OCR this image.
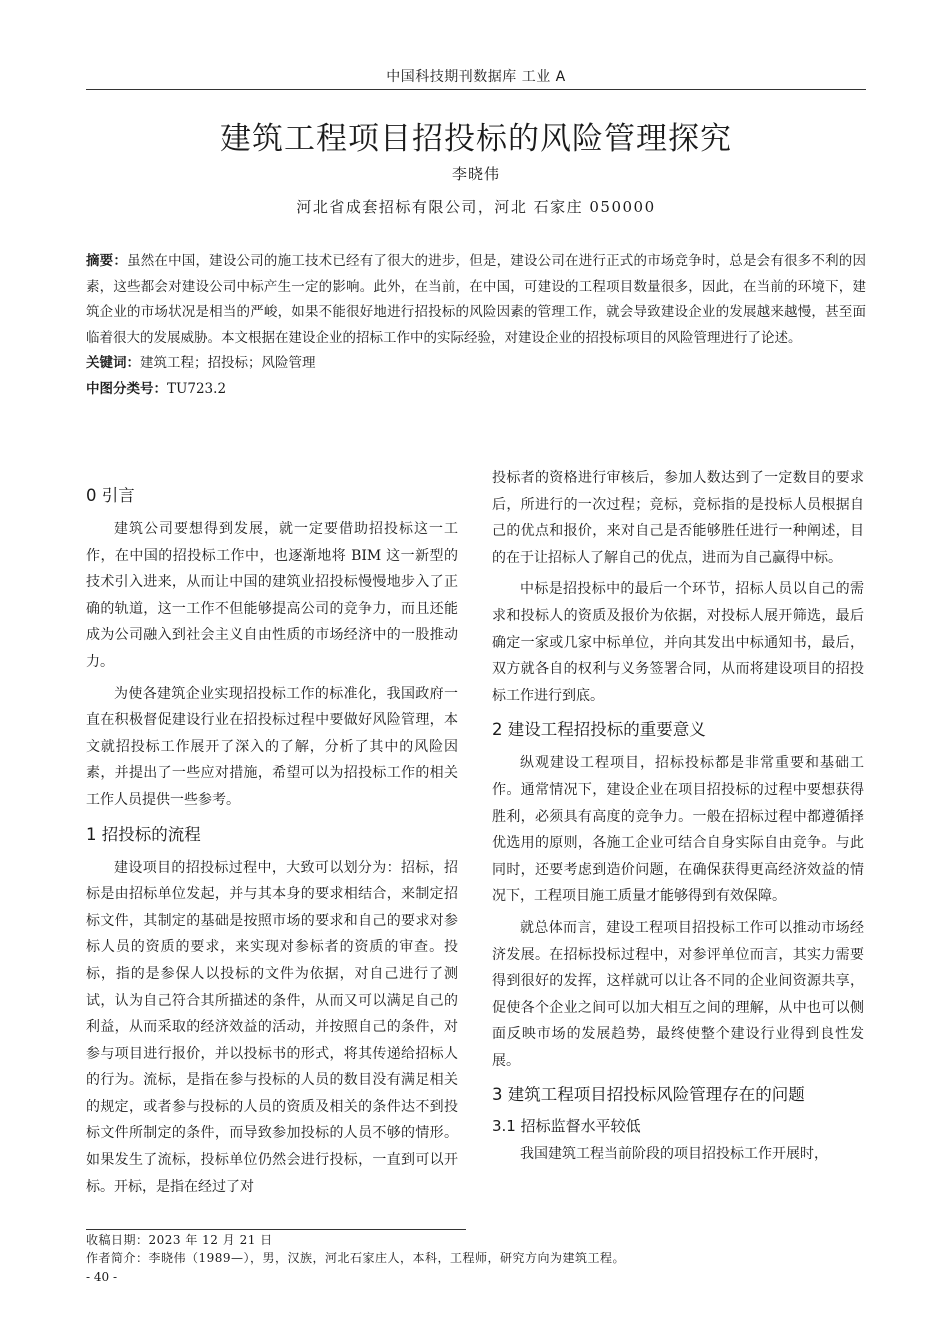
中国科技期刊数据库 工业 A
建筑工程项目招投标的风险管理探究
李晓伟
河北省成套招标有限公司，河北 石家庄 050000

摘要：虽然在中国，建设公司的施工技术已经有了很大的进步，但是，建设公司在进行正式的市场竞争时，总是会有很多不利的因素，这些都会对建设公司中标产生一定的影响。此外，在当前，在中国，可建设的工程项目数量很多，因此，在当前的环境下，建筑企业的市场状况是相当的严峻，如果不能很好地进行招投标的风险因素的管理工作，就会导致建设企业的发展越来越慢，甚至面临着很大的发展威胁。本文根据在建设企业的招标工作中的实际经验，对建设企业的招投标项目的风险管理进行了论述。

关键词：建筑工程；招投标；风险管理

中图分类号：TU723.2

0 引言

建筑公司要想得到发展，就一定要借助招投标这一工作，在中国的招投标工作中，也逐渐地将 BIM 这一新型的技术引入进来，从而让中国的建筑业招投标慢慢地步入了正确的轨道，这一工作不但能够提高公司的竞争力，而且还能成为公司融入到社会主义自由性质的市场经济中的一股推动力。

为使各建筑企业实现招投标工作的标准化，我国政府一直在积极督促建设行业在招投标过程中要做好风险管理，本文就招投标工作展开了深入的了解，分析了其中的风险因素，并提出了一些应对措施，希望可以为招投标工作的相关工作人员提供一些参考。

1 招投标的流程

建设项目的招投标过程中，大致可以划分为：招标，招标是由招标单位发起，并与其本身的要求相结合，来制定招标文件，其制定的基础是按照市场的要求和自己的要求对参标人员的资质的要求，来实现对参标者的资质的审查。投标，指的是参保人以投标的文件为依据，对自己进行了测试，认为自己符合其所描述的条件，从而又可以满足自己的利益，从而采取的经济效益的活动，并按照自己的条件，对参与项目进行报价，并以投标书的形式，将其传递给招标人的行为。流标，是指在参与投标的人员的数目没有满足相关的规定，或者参与投标的人员的资质及相关的条件达不到投标文件所制定的条件，而导致参加投标的人员不够的情形。如果发生了流标，投标单位仍然会进行投标，一直到可以开标。开标，是指在经过了对

投标者的资格进行审核后，参加人数达到了一定数目的要求后，所进行的一次过程；竞标，竞标指的是投标人员根据自己的优点和报价，来对自己是否能够胜任进行一种阐述，目的在于让招标人了解自己的优点，进而为自己赢得中标。

中标是招投标中的最后一个环节，招标人员以自己的需求和投标人的资质及报价为依据，对投标人展开筛选，最后确定一家或几家中标单位，并向其发出中标通知书，最后，双方就各自的权利与义务签署合同，从而将建设项目的招投标工作进行到底。

2 建设工程招投标的重要意义

纵观建设工程项目，招标投标都是非常重要和基础工作。通常情况下，建设企业在项目招投标的过程中要想获得胜利，必须具有高度的竞争力。一般在招标过程中都遵循择优选用的原则，各施工企业可结合自身实际自由竞争。与此同时，还要考虑到造价问题，在确保获得更高经济效益的情况下，工程项目施工质量才能够得到有效保障。

就总体而言，建设工程项目招投标工作可以推动市场经济发展。在招标投标过程中，对参评单位而言，其实力需要得到很好的发挥，这样就可以让各不同的企业间资源共享，促使各个企业之间可以加大相互之间的理解，从中也可以侧面反映市场的发展趋势，最终使整个建设行业得到良性发展。

3 建筑工程项目招投标风险管理存在的问题
3.1 招标监督水平较低

我国建筑工程当前阶段的项目招投标工作开展时，

收稿日期：2023 年 12 月 21 日
作者简介：李晓伟（1989—），男，汉族，河北石家庄人，本科，工程师，研究方向为建筑工程。
- 40 -
